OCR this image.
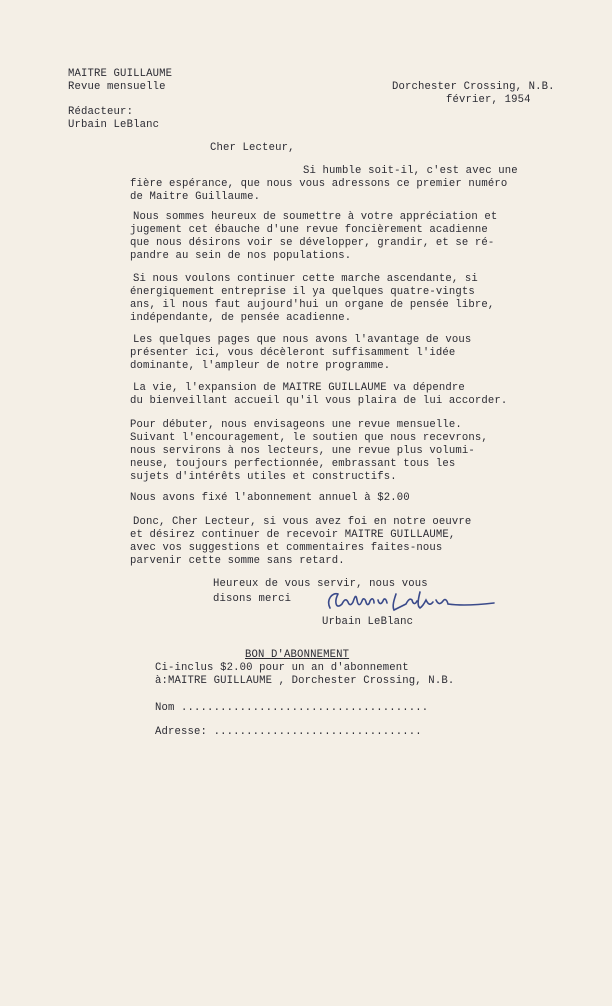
MAITRE GUILLAUME
Revue mensuelle
Rédacteur:
Urbain LeBlanc
Dorchester Crossing, N.B.
février, 1954
Cher Lecteur,
Si humble soit-il, c'est avec une
fière espérance, que nous vous adressons ce premier numéro
de Maitre Guillaume.
Nous sommes heureux de soumettre à votre appréciation et
jugement cet ébauche d'une revue foncièrement acadienne
que nous désirons voir se développer, grandir, et se ré-
pandre au sein de nos populations.
Si nous voulons continuer cette marche ascendante, si
énergiquement entreprise il ya quelques quatre-vingts
ans, il nous faut aujourd'hui un organe de pensée libre,
indépendante, de pensée acadienne.
Les quelques pages que nous avons l'avantage de vous
présenter ici, vous décèleront suffisamment l'idée
dominante, l'ampleur de notre programme.
La vie, l'expansion de MAITRE GUILLAUME va dépendre
du bienveillant accueil qu'il vous plaira de lui accorder.
Pour débuter, nous envisageons une revue mensuelle.
Suivant l'encouragement, le soutien que nous recevrons,
nous servirons à nos lecteurs, une revue plus volumi-
neuse, toujours perfectionnée, embrassant tous les
sujets d'intérêts utiles et constructifs.
Nous avons fixé l'abonnement annuel à $2.00
Donc, Cher Lecteur, si vous avez foi en notre oeuvre
et désirez continuer de recevoir MAITRE GUILLAUME,
avec vos suggestions et commentaires faites-nous
parvenir cette somme sans retard.
Heureux de vous servir, nous vous
disons merci
Urbain LeBlanc
BON D'ABONNEMENT
Ci-inclus $2.00 pour un an d'abonnement
à:MAITRE GUILLAUME , Dorchester Crossing, N.B.
Nom ......................................
Adresse: ................................
